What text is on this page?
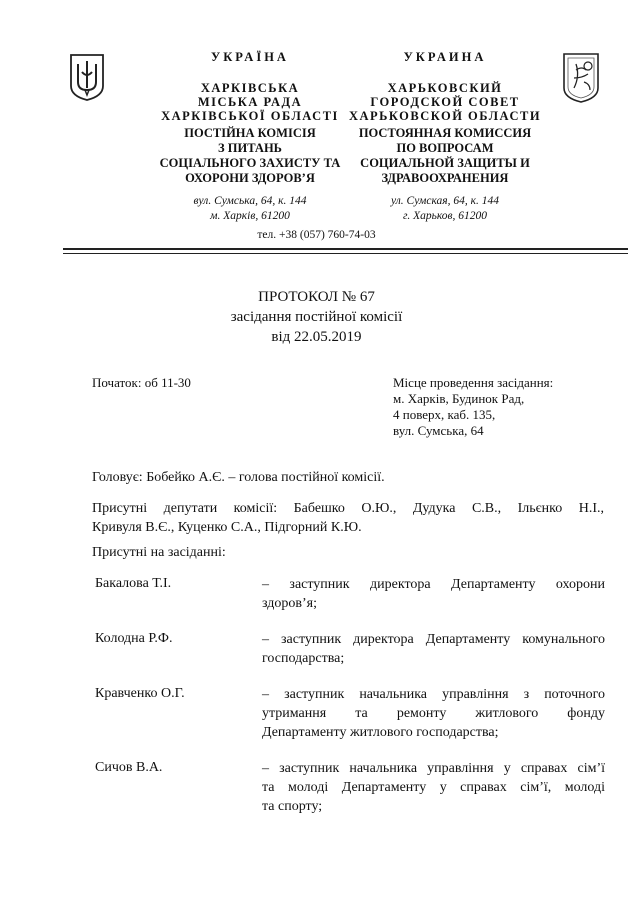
УКРАЇНА
ХАРКІВСЬКА
МІСЬКА РАДА
ХАРКІВСЬКОЇ ОБЛАСТІ
ПОСТІЙНА КОМІСІЯ
З ПИТАНЬ
СОЦІАЛЬНОГО ЗАХИСТУ ТА
ОХОРОНИ ЗДОРОВ’Я
вул. Сумська, 64, к. 144
м. Харків, 61200
УКРАИНА
ХАРЬКОВСКИЙ
ГОРОДСКОЙ СОВЕТ
ХАРЬКОВСКОЙ ОБЛАСТИ
ПОСТОЯННАЯ КОМИССИЯ
ПО ВОПРОСАМ
СОЦИАЛЬНОЙ ЗАЩИТЫ И
ЗДРАВООХРАНЕНИЯ
ул. Сумская, 64, к. 144
г. Харьков, 61200
тел. +38 (057) 760-74-03
ПРОТОКОЛ № 67
засідання постійної комісії
від 22.05.2019
Початок: об 11-30	Місце проведення засідання:
м. Харків, Будинок Рад,
4 поверх, каб. 135,
вул. Сумська, 64
Головує: Бобейко А.Є. – голова постійної комісії.
Присутні депутати комісії: Бабешко О.Ю., Дудука С.В., Ільєнко Н.І.,
Кривуля В.Є., Куценко С.А., Підгорний К.Ю.
Присутні на засіданні:
Бакалова Т.І.	– заступник директора Департаменту охорони
здоров’я;
Колодна Р.Ф.	– заступник директора Департаменту комунального
господарства;
Кравченко О.Г.	– заступник начальника управління з поточного
утримання та ремонту житлового фонду
Департаменту житлового господарства;
Сичов В.А.	– заступник начальника управління у справах сім’ї
та молоді Департаменту у справах сім’ї, молоді
та спорту;
